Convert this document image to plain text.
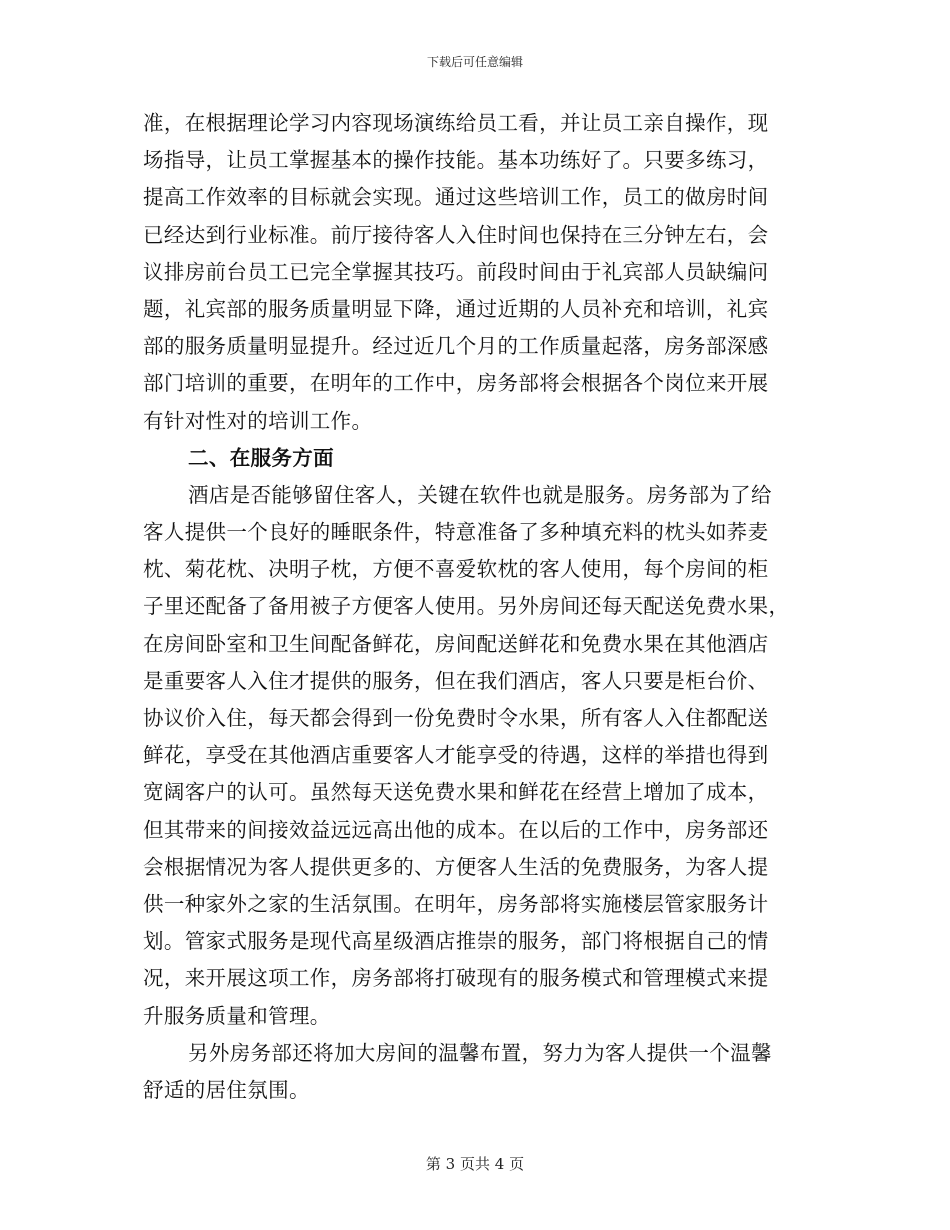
下载后可任意编辑
准，在根据理论学习内容现场演练给员工看，并让员工亲自操作，现
场指导，让员工掌握基本的操作技能。基本功练好了。只要多练习，
提高工作效率的目标就会实现。通过这些培训工作，员工的做房时间
已经达到行业标准。前厅接待客人入住时间也保持在三分钟左右，会
议排房前台员工已完全掌握其技巧。前段时间由于礼宾部人员缺编问
题，礼宾部的服务质量明显下降，通过近期的人员补充和培训，礼宾
部的服务质量明显提升。经过近几个月的工作质量起落，房务部深感
部门培训的重要，在明年的工作中，房务部将会根据各个岗位来开展
有针对性对的培训工作。
二、在服务方面
酒店是否能够留住客人，关键在软件也就是服务。房务部为了给
客人提供一个良好的睡眠条件，特意准备了多种填充料的枕头如荞麦
枕、菊花枕、决明子枕，方便不喜爱软枕的客人使用，每个房间的柜
子里还配备了备用被子方便客人使用。另外房间还每天配送免费水果，
在房间卧室和卫生间配备鲜花，房间配送鲜花和免费水果在其他酒店
是重要客人入住才提供的服务，但在我们酒店，客人只要是柜台价、
协议价入住，每天都会得到一份免费时令水果，所有客人入住都配送
鲜花，享受在其他酒店重要客人才能享受的待遇，这样的举措也得到
宽阔客户的认可。虽然每天送免费水果和鲜花在经营上增加了成本，
但其带来的间接效益远远高出他的成本。在以后的工作中，房务部还
会根据情况为客人提供更多的、方便客人生活的免费服务，为客人提
供一种家外之家的生活氛围。在明年，房务部将实施楼层管家服务计
划。管家式服务是现代高星级酒店推崇的服务，部门将根据自己的情
况，来开展这项工作，房务部将打破现有的服务模式和管理模式来提
升服务质量和管理。
另外房务部还将加大房间的温馨布置，努力为客人提供一个温馨
舒适的居住氛围。
第 3 页共 4 页
